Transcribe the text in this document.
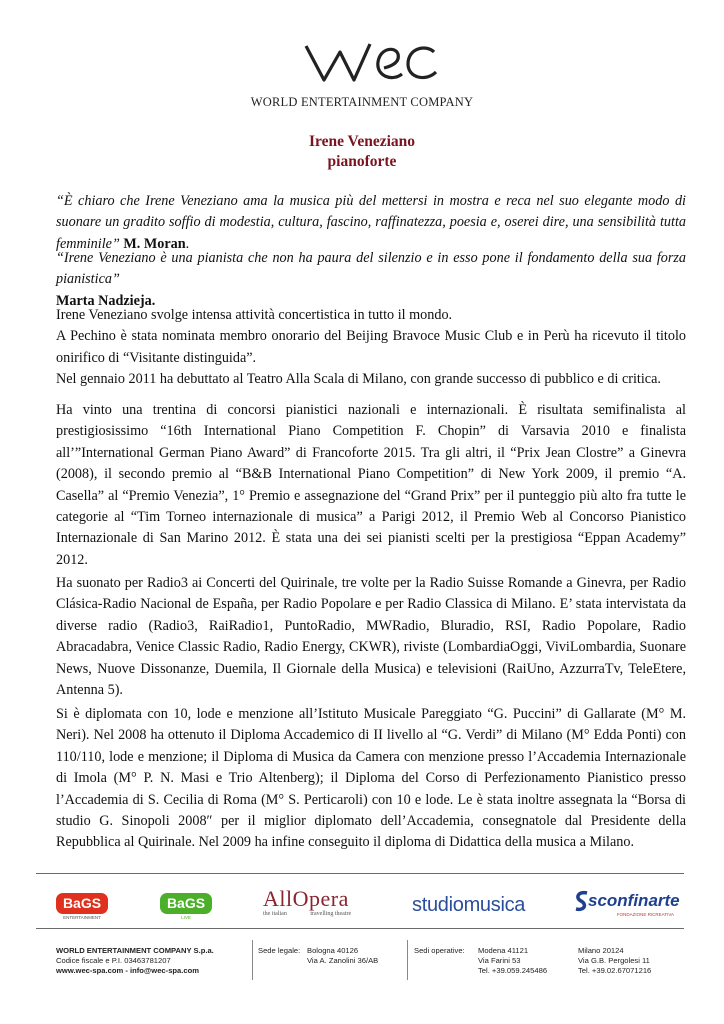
WORLD ENTERTAINMENT COMPANY
Irene Veneziano
pianoforte
“È chiaro che Irene Veneziano ama la musica più del mettersi in mostra e reca nel suo elegante modo di suonare un gradito soffio di modestia, cultura, fascino, raffinatezza, poesia e, oserei dire, una sensibilità tutta femminile” M. Moran.
“Irene Veneziano è una pianista che non ha paura del silenzio e in esso pone il fondamento della sua forza pianistica”
Marta Nadzieja.

Irene Veneziano svolge intensa attività concertistica in tutto il mondo.

A Pechino è stata nominata membro onorario del Beijing Bravoce Music Club e in Perù ha ricevuto il titolo onirifico di “Visitante distinguida”.

Nel gennaio 2011 ha debuttato al Teatro Alla Scala di Milano, con grande successo di pubblico e di critica.

Ha vinto una trentina di concorsi pianistici nazionali e internazionali. È risultata semifinalista al prestigiosissimo “16th International Piano Competition F. Chopin” di Varsavia 2010 e finalista all’”International German Piano Award” di Francoforte 2015. Tra gli altri, il “Prix Jean Clostre” a Ginevra (2008), il secondo premio al “B&B International Piano Competition” di New York 2009, il premio “A. Casella” al “Premio Venezia”, 1° Premio e assegnazione del “Grand Prix” per il punteggio più alto fra tutte le categorie al “Tim Torneo internazionale di musica” a Parigi 2012, il Premio Web al Concorso Pianistico Internazionale di San Marino 2012. È stata una dei sei pianisti scelti per la prestigiosa “Eppan Academy” 2012.
Ha suonato per Radio3 ai Concerti del Quirinale, tre volte per la Radio Suisse Romande a Ginevra, per Radio Clásica-Radio Nacional de España, per Radio Popolare e per Radio Classica di Milano. E’ stata intervistata da diverse radio (Radio3, RaiRadio1, PuntoRadio, MWRadio, Bluradio, RSI, Radio Popolare, Radio Abracadabra, Venice Classic Radio, Radio Energy, CKWR), riviste (LombardiaOggi, ViviLombardia, Suonare News, Nuove Dissonanze, Duemila, Il Giornale della Musica) e televisioni (RaiUno, AzzurraTv, TeleEtere, Antenna 5).
Si è diplomata con 10, lode e menzione all’Istituto Musicale Pareggiato “G. Puccini” di Gallarate (M° M. Neri). Nel 2008 ha ottenuto il Diploma Accademico di II livello al “G. Verdi” di Milano (M° Edda Ponti) con 110/110, lode e menzione; il Diploma di Musica da Camera con menzione presso l’Accademia Internazionale di Imola (M° P. N. Masi e Trio Altenberg); il Diploma del Corso di Perfezionamento Pianistico presso l’Accademia di S. Cecilia di Roma (M° S. Perticaroli) con 10 e lode. Le è stata inoltre assegnata la “Borsa di studio G. Sinopoli 2008″ per il miglior diplomato dell’Accademia, consegnatole dal Presidente della Repubblica al Quirinale. Nel 2009 ha infine conseguito il diploma di Didattica della musica a Milano.
BaGS
ENTERTAINMENT
BaGS
LIVE
AllOpera
the italian	travelling theatre	studiomusica	sconfinarte
FONDAZIONE RICREATIVA
WORLD ENTERTAINMENT COMPANY S.p.a.
Codice fiscale e P.I. 03463781207
www.wec-spa.com - info@wec-spa.com
Sede legale: Bologna 40126
Via A. Zanolini 36/AB
Sedi operative: Modena 41121
Via Farini 53
Tel. +39.059.245486
Milano 20124
Via G.B. Pergolesi 11
Tel. +39.02.67071216
